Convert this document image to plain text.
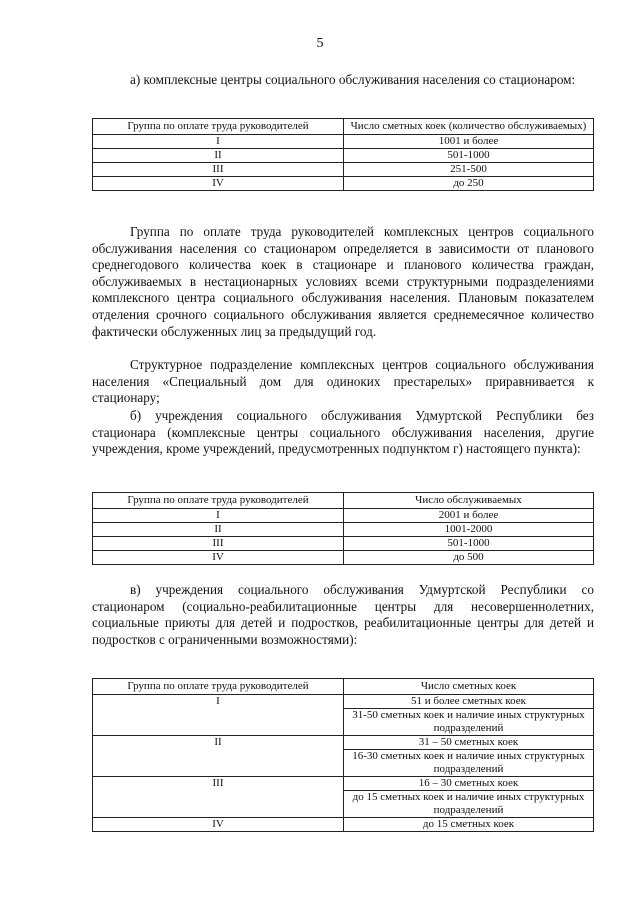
5
а) комплексные центры социального обслуживания населения со стационаром:
Группа по оплате труда руководителей	Число сметных коек (количество обслуживаемых)
I	1001 и более
II	501-1000
III	251-500
IV	до 250
Группа по оплате труда руководителей комплексных центров социального обслуживания населения со стационаром определяется в зависимости от планового среднегодового количества коек в стационаре и планового количества граждан, обслуживаемых в нестационарных условиях всеми структурными подразделениями комплексного центра социального обслуживания населения. Плановым показателем отделения срочного социального обслуживания является среднемесячное количество фактически обслуженных лиц за предыдущий год.
Структурное подразделение комплексных центров социального обслуживания населения «Специальный дом для одиноких престарелых» приравнивается к стационару;
б) учреждения социального обслуживания Удмуртской Республики без стационара (комплексные центры социального обслуживания населения, другие учреждения, кроме учреждений, предусмотренных подпунктом г) настоящего пункта):
Группа по оплате труда руководителей	Число обслуживаемых
I	2001 и более
II	1001-2000
III	501-1000
IV	до 500
в) учреждения социального обслуживания Удмуртской Республики со стационаром (социально-реабилитационные центры для несовершеннолетних, социальные приюты для детей и подростков, реабилитационные центры для детей и подростков с ограниченными возможностями):
Группа по оплате труда руководителей	Число сметных коек
I	51 и более сметных коек
	31-50 сметных коек и наличие иных структурных подразделений
II	31 – 50 сметных коек
	16-30 сметных коек и наличие иных структурных подразделений
III	16 – 30 сметных коек
	до 15 сметных коек и наличие иных структурных подразделений
IV	до 15 сметных коек
